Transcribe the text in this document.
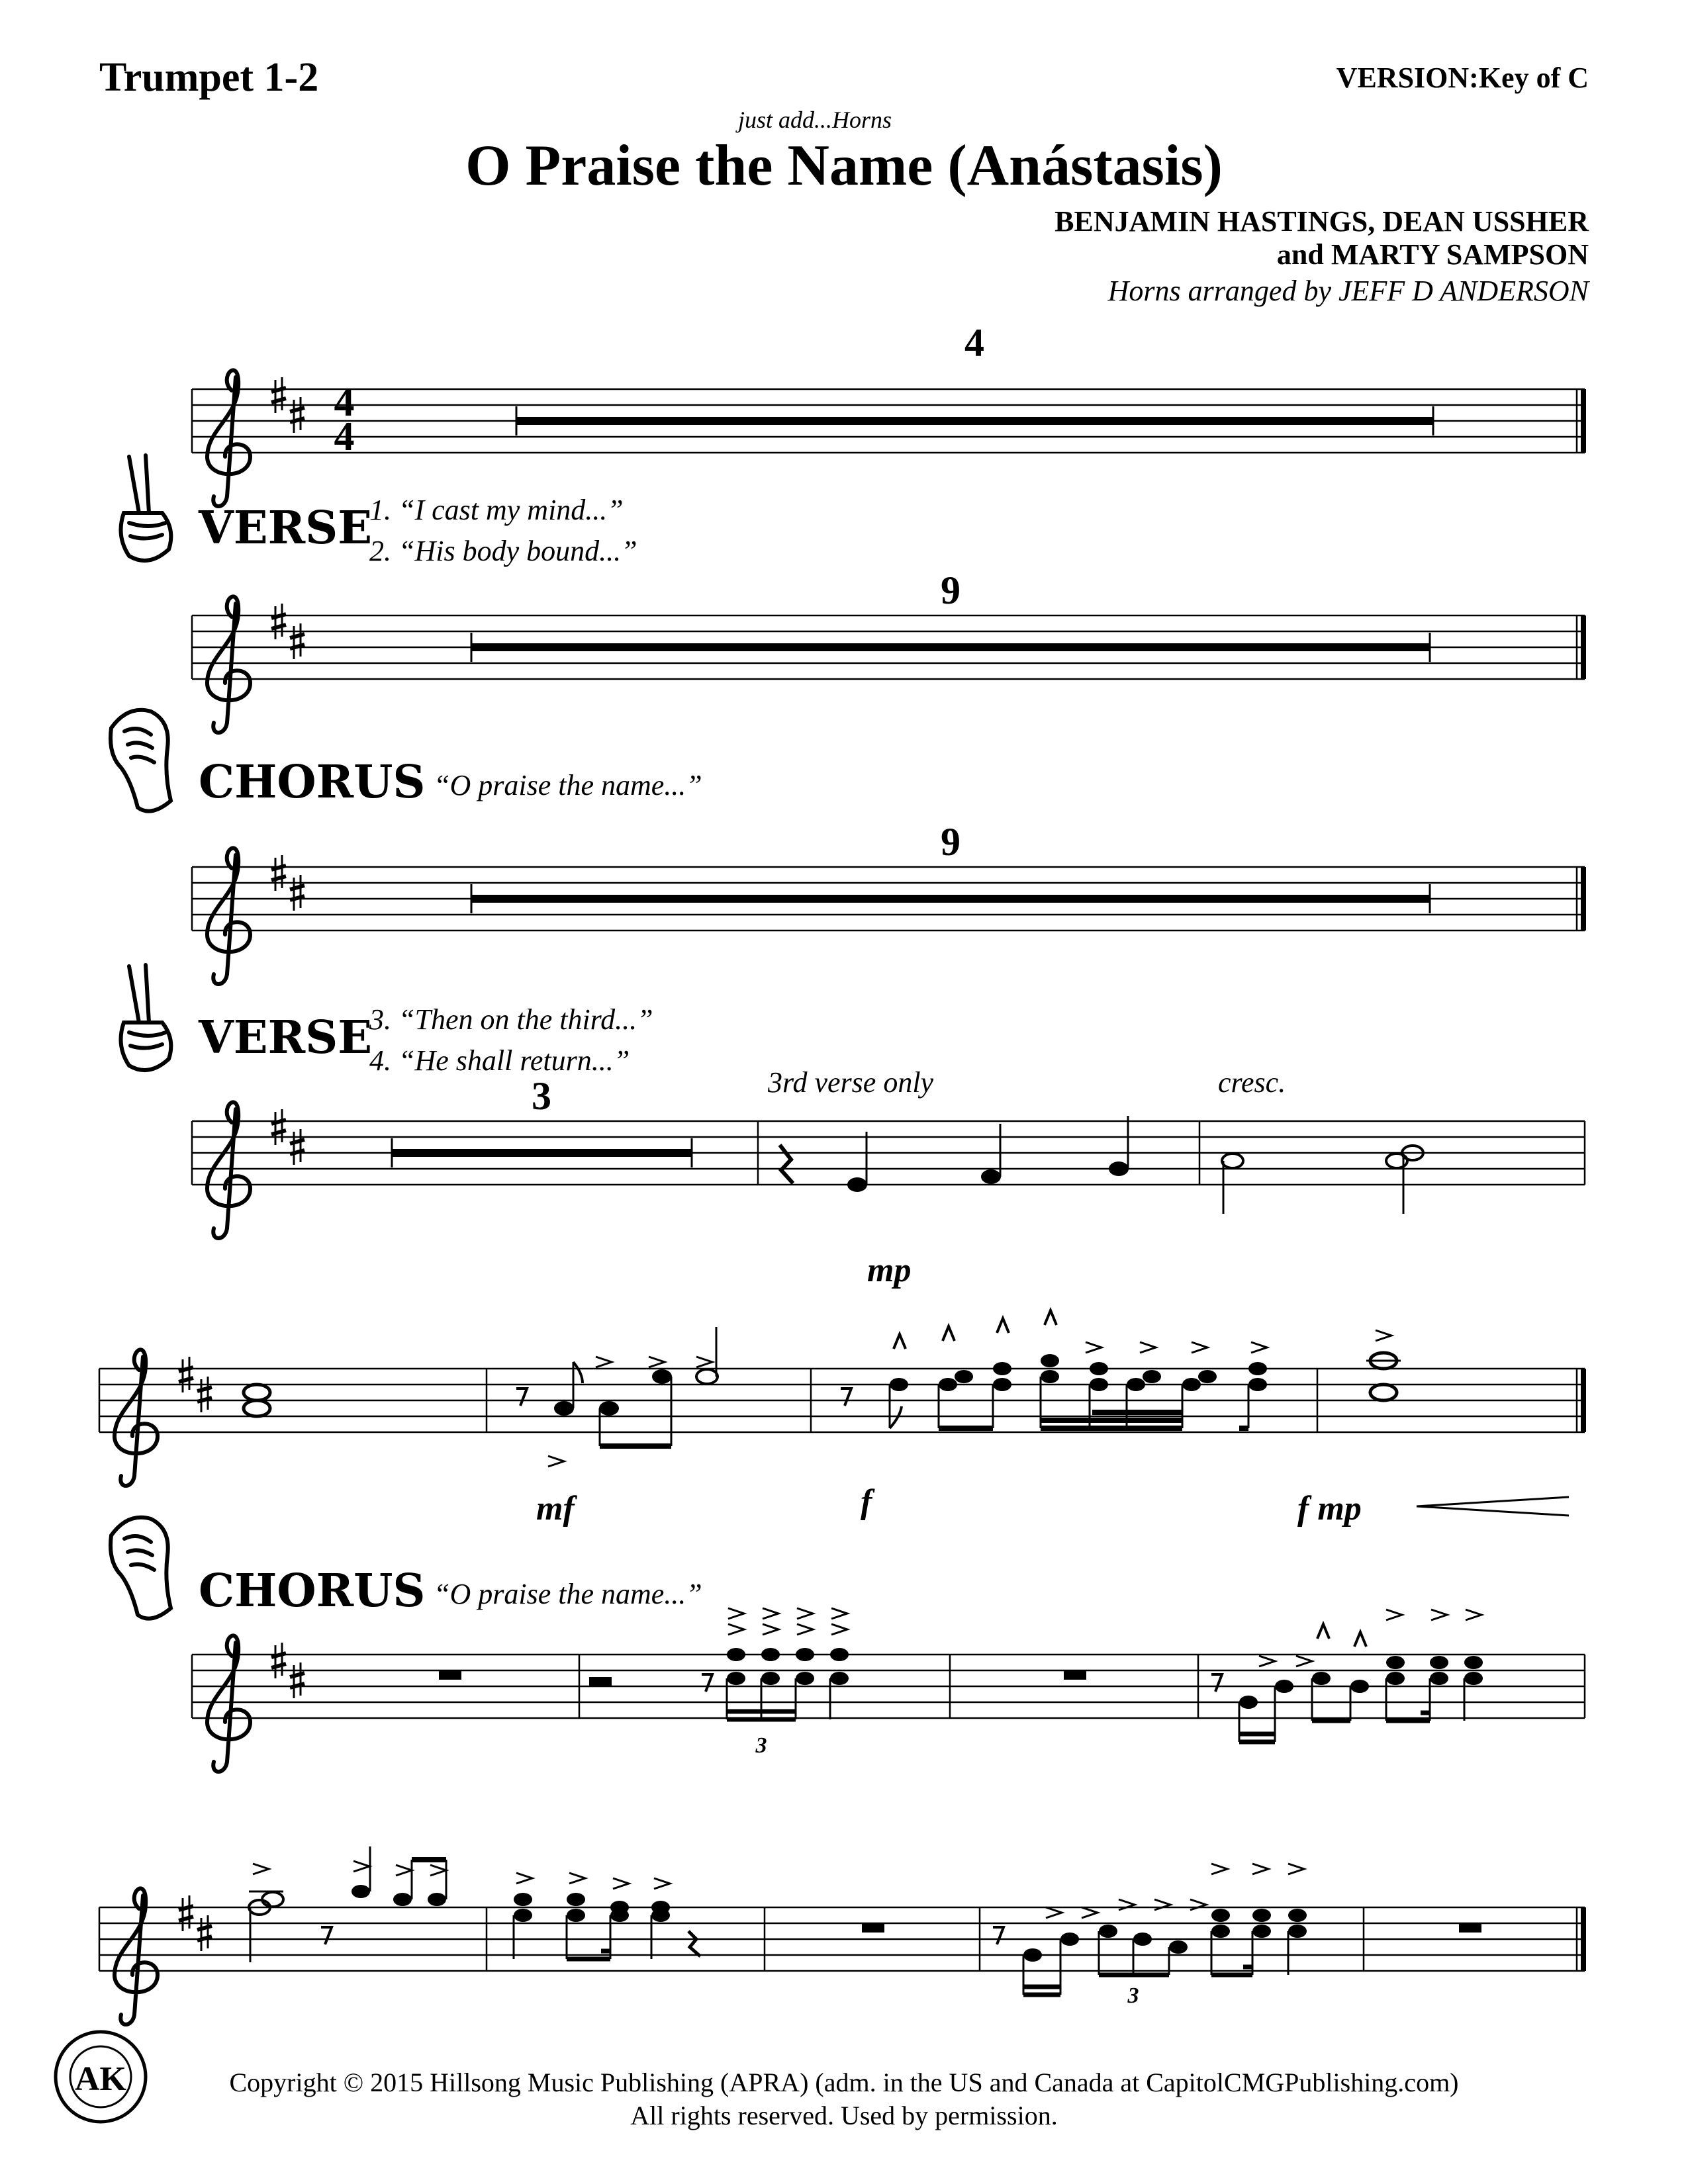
Trumpet 1-2	VERSION:Key of C
just add...Horns
O Praise the Name (Anástasis)
BENJAMIN HASTINGS, DEAN USSHER
and MARTY SAMPSON
Horns arranged by JEFF D ANDERSON
VERSE
1. “I cast my mind...”
2. “His body bound...”
CHORUS “O praise the name...”
VERSE
3. “Then on the third...”
4. “He shall return...”
CHORUS “O praise the name...”
3rd verse only	cresc.
mp
mf	f	f mp
4
4
4
9
9
3
3
3
AK	Copyright © 2015 Hillsong Music Publishing (APRA) (adm. in the US and Canada at CapitolCMGPublishing.com)
All rights reserved. Used by permission.
